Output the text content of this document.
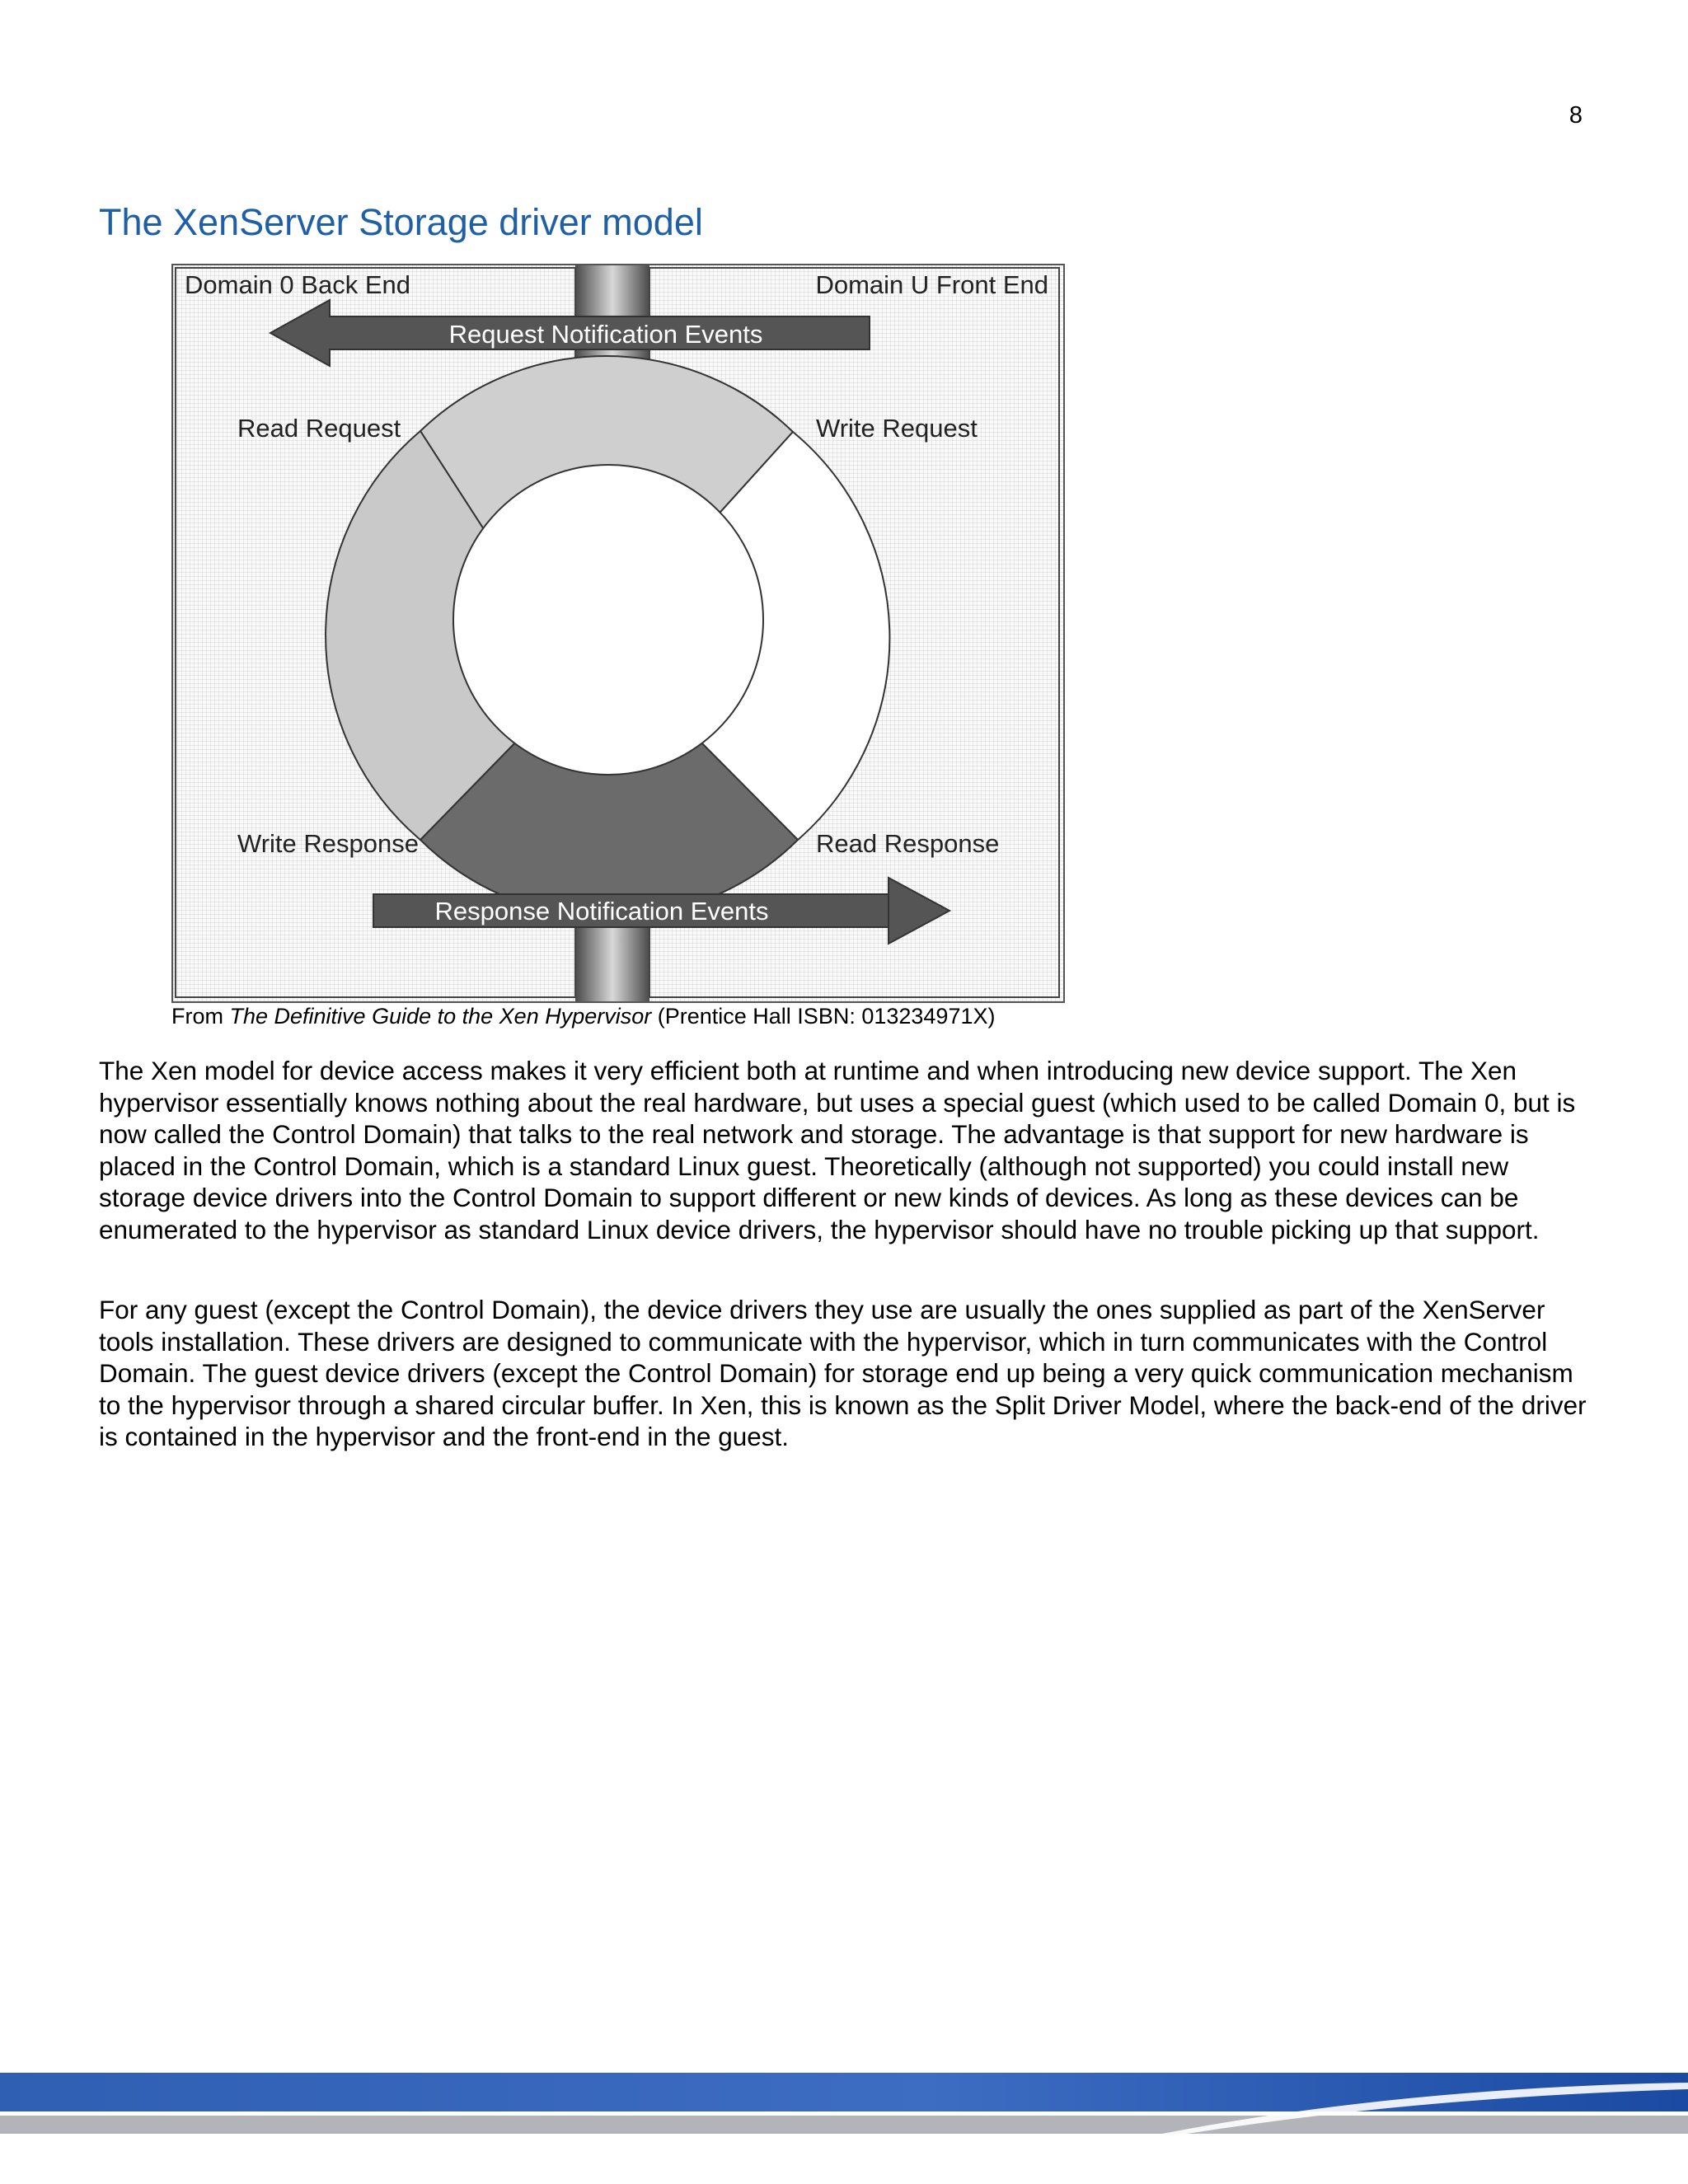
8
The XenServer Storage driver model
Domain 0 Back End	Domain U Front End
Request Notification Events
Read Request	Write Request
Write Response	Read Response
Response Notification Events
From The Definitive Guide to the Xen Hypervisor (Prentice Hall ISBN: 013234971X)

The Xen model for device access makes it very efficient both at runtime and when introducing new device support. The Xen hypervisor essentially knows nothing about the real hardware, but uses a special guest (which used to be called Domain 0, but is now called the Control Domain) that talks to the real network and storage. The advantage is that support for new hardware is placed in the Control Domain, which is a standard Linux guest. Theoretically (although not supported) you could install new storage device drivers into the Control Domain to support different or new kinds of devices. As long as these devices can be enumerated to the hypervisor as standard Linux device drivers, the hypervisor should have no trouble picking up that support.

For any guest (except the Control Domain), the device drivers they use are usually the ones supplied as part of the XenServer tools installation. These drivers are designed to communicate with the hypervisor, which in turn communicates with the Control Domain. The guest device drivers (except the Control Domain) for storage end up being a very quick communication mechanism to the hypervisor through a shared circular buffer. In Xen, this is known as the Split Driver Model, where the back-end of the driver is contained in the hypervisor and the front-end in the guest.
